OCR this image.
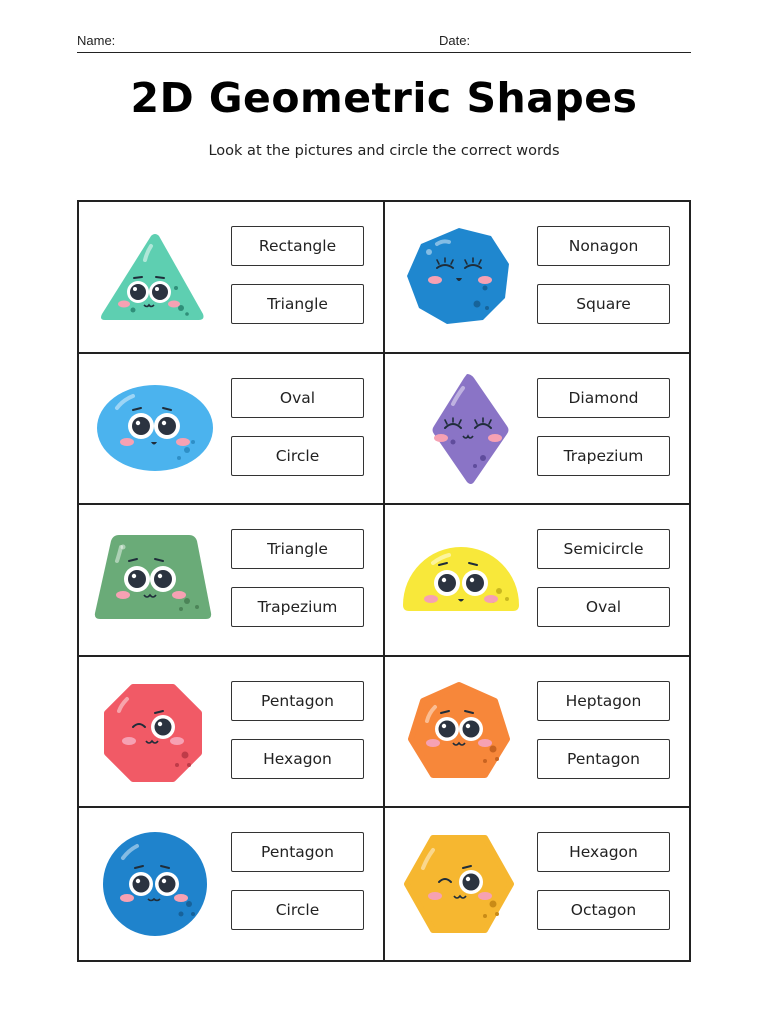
Name:	Date:
2D Geometric Shapes
Look at the pictures and circle the correct words
Rectangle
Triangle
Nonagon
Square
Oval
Circle
Diamond
Trapezium
Triangle
Trapezium
Semicircle
Oval
Pentagon
Hexagon
Heptagon
Pentagon
Pentagon
Circle
Hexagon
Octagon
